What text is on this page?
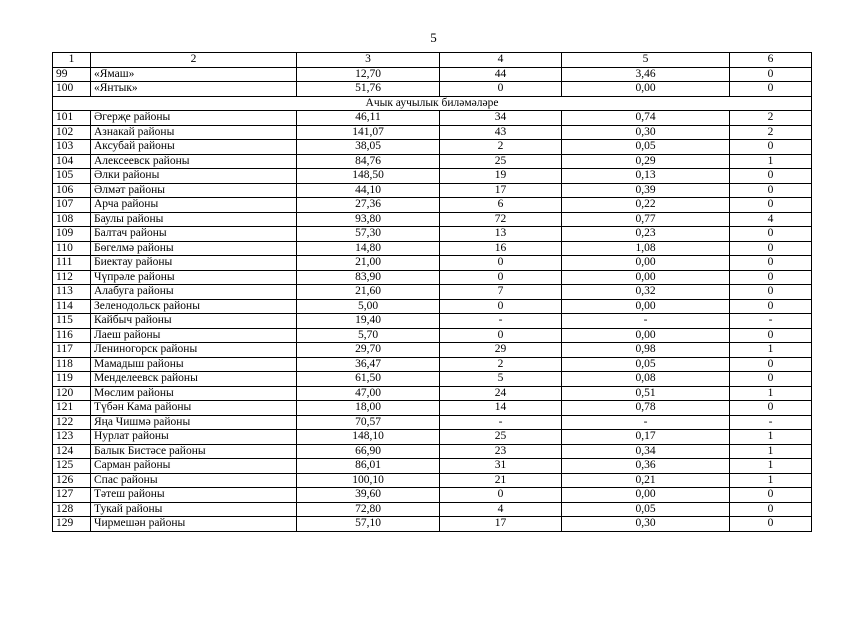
5
1	2	3	4	5	6
99	«Ямаш»	12,70	44	3,46	0
100	«Янтык»	51,76	0	0,00	0
Ачык аучылык биләмәләре					
101	Әгерҗе районы	46,11	34	0,74	2
102	Азнакай районы	141,07	43	0,30	2
103	Аксубай районы	38,05	2	0,05	0
104	Алексеевск районы	84,76	25	0,29	1
105	Әлки районы	148,50	19	0,13	0
106	Әлмәт районы	44,10	17	0,39	0
107	Арча районы	27,36	6	0,22	0
108	Баулы районы	93,80	72	0,77	4
109	Балтач районы	57,30	13	0,23	0
110	Бөгелмә районы	14,80	16	1,08	0
111	Биектау районы	21,00	0	0,00	0
112	Чүпрәле районы	83,90	0	0,00	0
113	Алабуга районы	21,60	7	0,32	0
114	Зеленодольск районы	5,00	0	0,00	0
115	Кайбыч районы	19,40	-	-	-
116	Лаеш районы	5,70	0	0,00	0
117	Лениногорск районы	29,70	29	0,98	1
118	Мамадыш районы	36,47	2	0,05	0
119	Менделеевск районы	61,50	5	0,08	0
120	Мөслим районы	47,00	24	0,51	1
121	Түбән Кама районы	18,00	14	0,78	0
122	Яңа Чишмә районы	70,57	-	-	-
123	Нурлат районы	148,10	25	0,17	1
124	Балык Бистәсе районы	66,90	23	0,34	1
125	Сарман районы	86,01	31	0,36	1
126	Спас районы	100,10	21	0,21	1
127	Тәтеш районы	39,60	0	0,00	0
128	Тукай районы	72,80	4	0,05	0
129	Чирмешән районы	57,10	17	0,30	0
